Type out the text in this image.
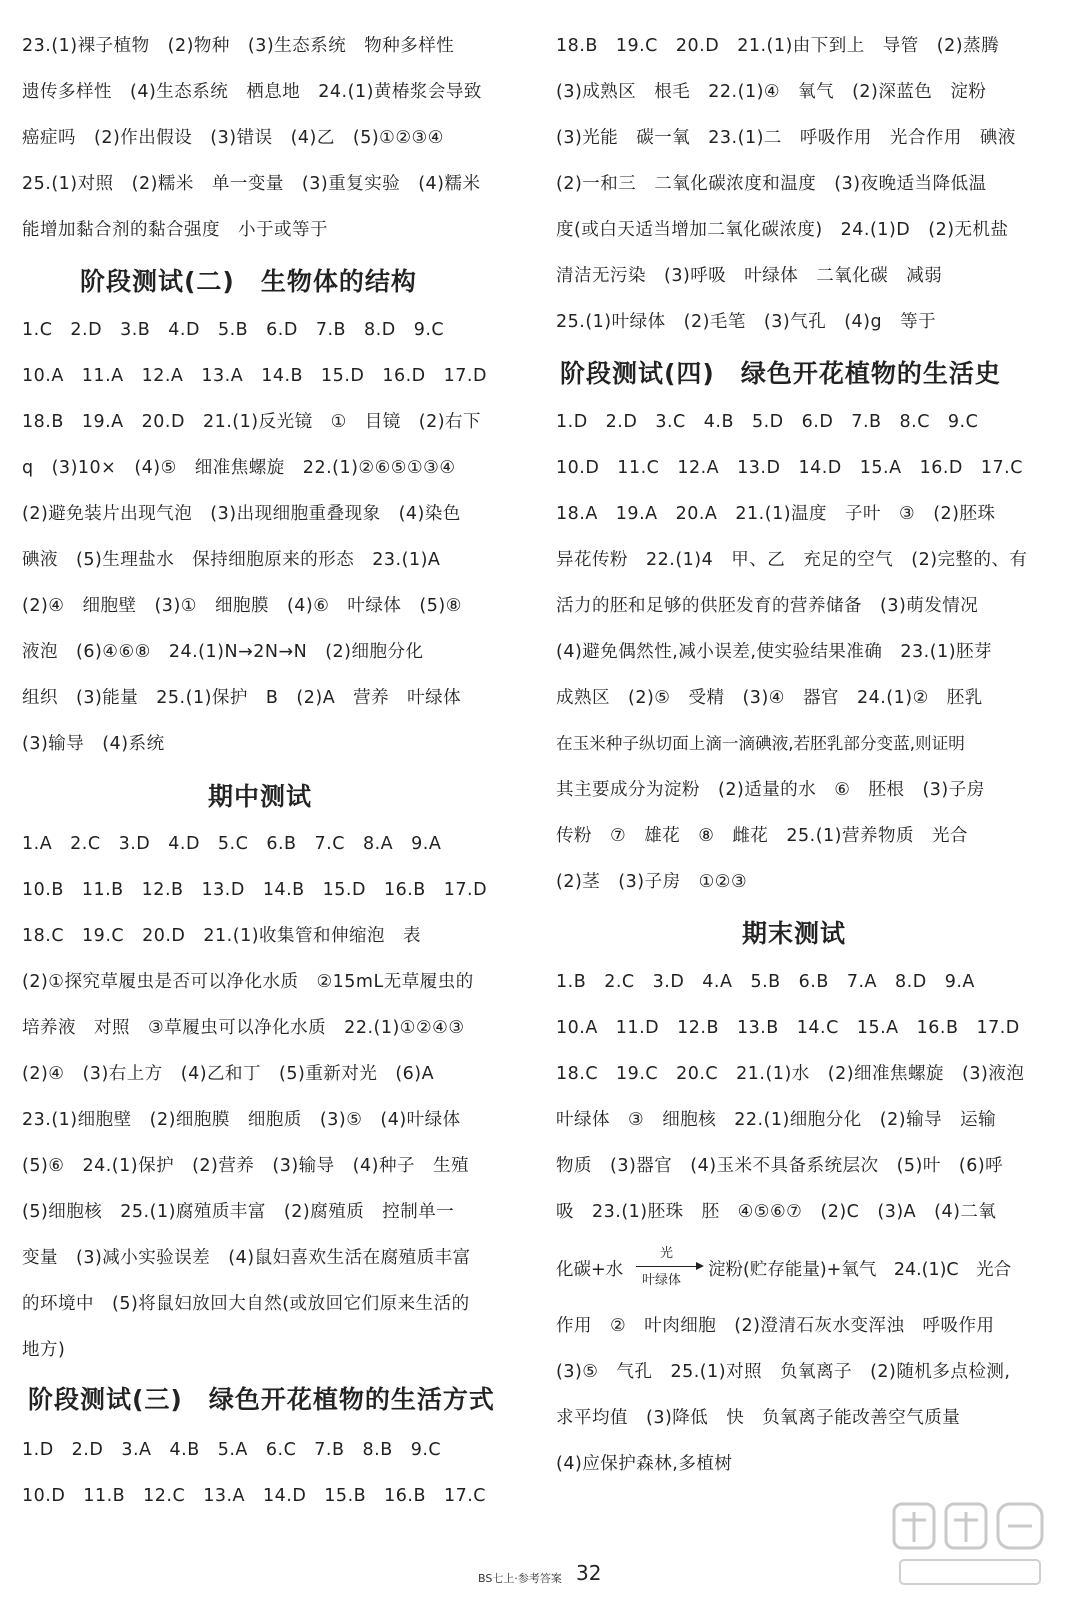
23.(1)裸子植物　(2)物种　(3)生态系统　物种多样性
遗传多样性　(4)生态系统　栖息地　24.(1)黄椿浆会导致
癌症吗　(2)作出假设　(3)错误　(4)乙　(5)①②③④
25.(1)对照　(2)糯米　单一变量　(3)重复实验　(4)糯米
能增加黏合剂的黏合强度　小于或等于
阶段测试(二)　生物体的结构
1.C　2.D　3.B　4.D　5.B　6.D　7.B　8.D　9.C
10.A　11.A　12.A　13.A　14.B　15.D　16.D　17.D
18.B　19.A　20.D　21.(1)反光镜　①　目镜　(2)右下
q　(3)10×　(4)⑤　细准焦螺旋　22.(1)②⑥⑤①③④
(2)避免装片出现气泡　(3)出现细胞重叠现象　(4)染色
碘液　(5)生理盐水　保持细胞原来的形态　23.(1)A
(2)④　细胞壁　(3)①　细胞膜　(4)⑥　叶绿体　(5)⑧
液泡　(6)④⑥⑧　24.(1)N→2N→N　(2)细胞分化
组织　(3)能量　25.(1)保护　B　(2)A　营养　叶绿体
(3)输导　(4)系统
期中测试
1.A　2.C　3.D　4.D　5.C　6.B　7.C　8.A　9.A
10.B　11.B　12.B　13.D　14.B　15.D　16.B　17.D
18.C　19.C　20.D　21.(1)收集管和伸缩泡　表
(2)①探究草履虫是否可以净化水质　②15mL无草履虫的
培养液　对照　③草履虫可以净化水质　22.(1)①②④③
(2)④　(3)右上方　(4)乙和丁　(5)重新对光　(6)A
23.(1)细胞壁　(2)细胞膜　细胞质　(3)⑤　(4)叶绿体
(5)⑥　24.(1)保护　(2)营养　(3)输导　(4)种子　生殖
(5)细胞核　25.(1)腐殖质丰富　(2)腐殖质　控制单一
变量　(3)减小实验误差　(4)鼠妇喜欢生活在腐殖质丰富
的环境中　(5)将鼠妇放回大自然(或放回它们原来生活的
地方)
阶段测试(三)　绿色开花植物的生活方式
1.D　2.D　3.A　4.B　5.A　6.C　7.B　8.B　9.C
10.D　11.B　12.C　13.A　14.D　15.B　16.B　17.C
18.B　19.C　20.D　21.(1)由下到上　导管　(2)蒸腾
(3)成熟区　根毛　22.(1)④　氧气　(2)深蓝色　淀粉
(3)光能　碳一氧　23.(1)二　呼吸作用　光合作用　碘液
(2)一和三　二氧化碳浓度和温度　(3)夜晚适当降低温
度(或白天适当增加二氧化碳浓度)　24.(1)D　(2)无机盐
清洁无污染　(3)呼吸　叶绿体　二氧化碳　减弱
25.(1)叶绿体　(2)毛笔　(3)气孔　(4)g　等于
阶段测试(四)　绿色开花植物的生活史
1.D　2.D　3.C　4.B　5.D　6.D　7.B　8.C　9.C
10.D　11.C　12.A　13.D　14.D　15.A　16.D　17.C
18.A　19.A　20.A　21.(1)温度　子叶　③　(2)胚珠
异花传粉　22.(1)4　甲、乙　充足的空气　(2)完整的、有
活力的胚和足够的供胚发育的营养储备　(3)萌发情况
(4)避免偶然性,减小误差,使实验结果准确　23.(1)胚芽
成熟区　(2)⑤　受精　(3)④　器官　24.(1)②　胚乳
在玉米种子纵切面上滴一滴碘液,若胚乳部分变蓝,则证明
其主要成分为淀粉　(2)适量的水　⑥　胚根　(3)子房
传粉　⑦　雄花　⑧　雌花　25.(1)营养物质　光合
(2)茎　(3)子房　①②③
期末测试
1.B　2.C　3.D　4.A　5.B　6.B　7.A　8.D　9.A
10.A　11.D　12.B　13.B　14.C　15.A　16.B　17.D
18.C　19.C　20.C　21.(1)水　(2)细准焦螺旋　(3)液泡
叶绿体　③　细胞核　22.(1)细胞分化　(2)输导　运输
物质　(3)器官　(4)玉米不具备系统层次　(5)叶　(6)呼
吸　23.(1)胚珠　胚　④⑤⑥⑦　(2)C　(3)A　(4)二氧
化碳+水
光
叶绿体
淀粉(贮存能量)+氧气　24.(1)C　光合
作用　②　叶肉细胞　(2)澄清石灰水变浑浊　呼吸作用
(3)⑤　气孔　25.(1)对照　负氧离子　(2)随机多点检测,
求平均值　(3)降低　快　负氧离子能改善空气质量
(4)应保护森林,多植树
BS七上·参考答案 32
